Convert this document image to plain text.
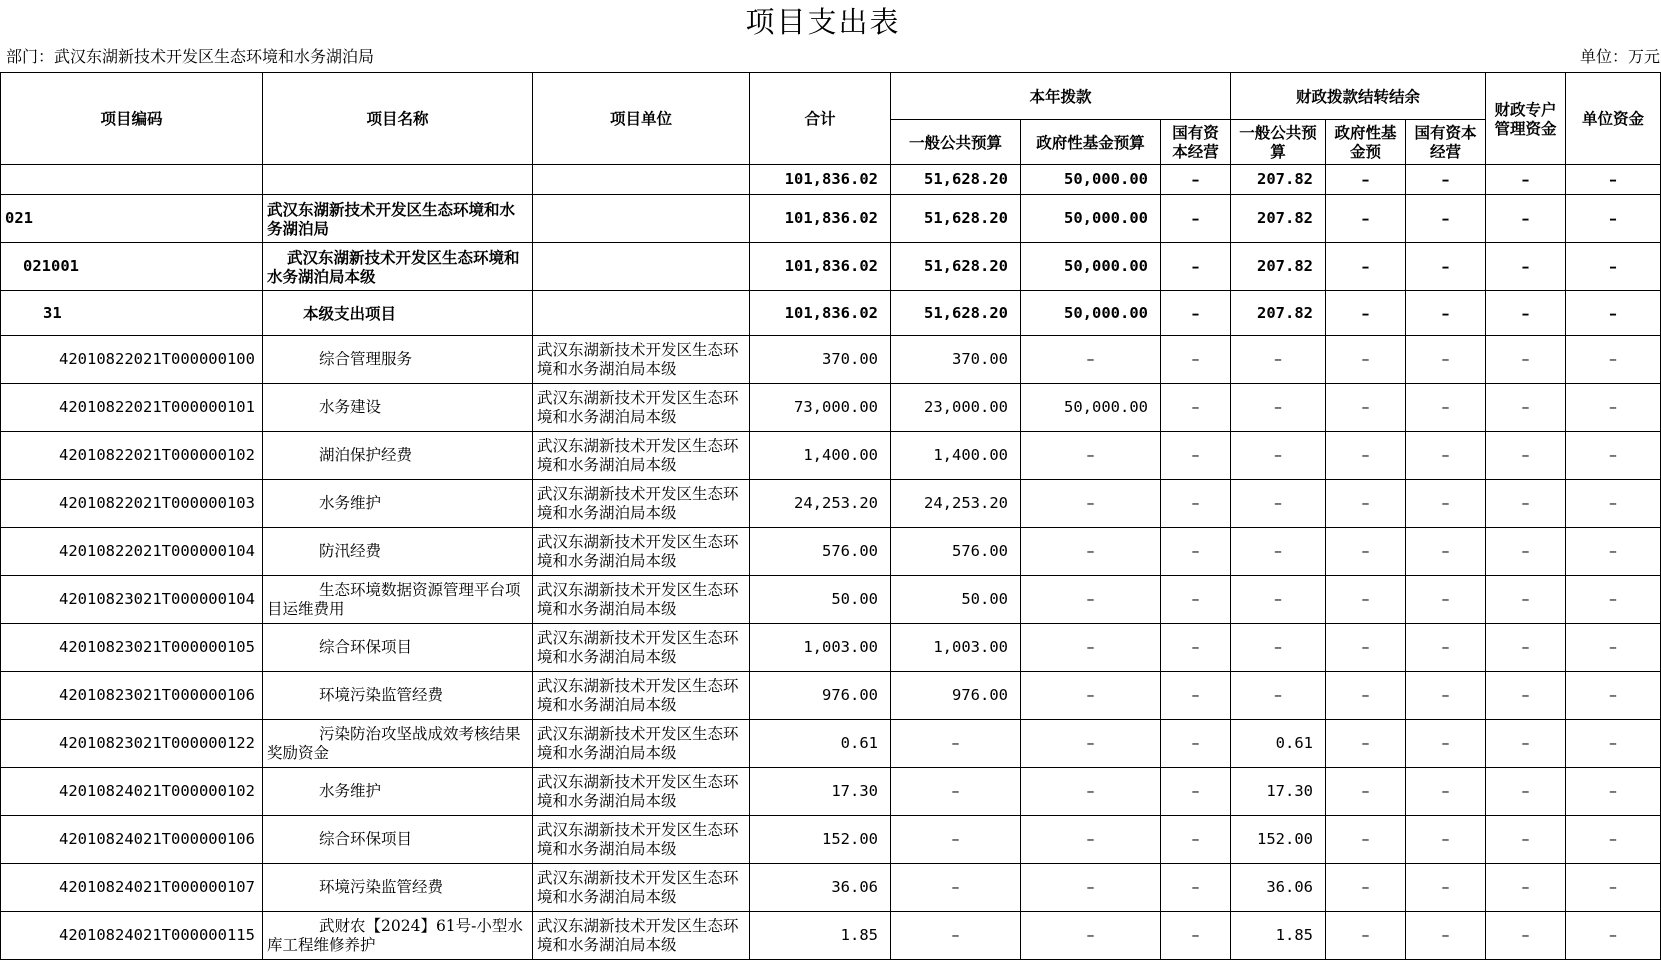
项目支出表
部门：武汉东湖新技术开发区生态环境和水务湖泊局	单位：万元
项目编码	项目名称	项目单位	合计	本年拨款			财政拨款结转结余			财政专户管理资金	单位资金
				一般公共预算	政府性基金预算	国有资本经营	一般公共预算	政府性基金预	国有资本经营		
			101,836.02	51,628.20	50,000.00	–	207.82	–	–	–	–
021	武汉东湖新技术开发区生态环境和水务湖泊局		101,836.02	51,628.20	50,000.00	–	207.82	–	–	–	–
021001	武汉东湖新技术开发区生态环境和水务湖泊局本级		101,836.02	51,628.20	50,000.00	–	207.82	–	–	–	–
31	本级支出项目		101,836.02	51,628.20	50,000.00	–	207.82	–	–	–	–
42010822021T000000100	综合管理服务	武汉东湖新技术开发区生态环境和水务湖泊局本级	370.00	370.00	–	–	–	–	–	–	–
42010822021T000000101	水务建设	武汉东湖新技术开发区生态环境和水务湖泊局本级	73,000.00	23,000.00	50,000.00	–	–	–	–	–	–
42010822021T000000102	湖泊保护经费	武汉东湖新技术开发区生态环境和水务湖泊局本级	1,400.00	1,400.00	–	–	–	–	–	–	–
42010822021T000000103	水务维护	武汉东湖新技术开发区生态环境和水务湖泊局本级	24,253.20	24,253.20	–	–	–	–	–	–	–
42010822021T000000104	防汛经费	武汉东湖新技术开发区生态环境和水务湖泊局本级	576.00	576.00	–	–	–	–	–	–	–
42010823021T000000104	生态环境数据资源管理平台项目运维费用	武汉东湖新技术开发区生态环境和水务湖泊局本级	50.00	50.00	–	–	–	–	–	–	–
42010823021T000000105	综合环保项目	武汉东湖新技术开发区生态环境和水务湖泊局本级	1,003.00	1,003.00	–	–	–	–	–	–	–
42010823021T000000106	环境污染监管经费	武汉东湖新技术开发区生态环境和水务湖泊局本级	976.00	976.00	–	–	–	–	–	–	–
42010823021T000000122	污染防治攻坚战成效考核结果奖励资金	武汉东湖新技术开发区生态环境和水务湖泊局本级	0.61	–	–	–	0.61	–	–	–	–
42010824021T000000102	水务维护	武汉东湖新技术开发区生态环境和水务湖泊局本级	17.30	–	–	–	17.30	–	–	–	–
42010824021T000000106	综合环保项目	武汉东湖新技术开发区生态环境和水务湖泊局本级	152.00	–	–	–	152.00	–	–	–	–
42010824021T000000107	环境污染监管经费	武汉东湖新技术开发区生态环境和水务湖泊局本级	36.06	–	–	–	36.06	–	–	–	–
42010824021T000000115	武财农【2024】61号-小型水库工程维修养护	武汉东湖新技术开发区生态环境和水务湖泊局本级	1.85	–	–	–	1.85	–	–	–	–
